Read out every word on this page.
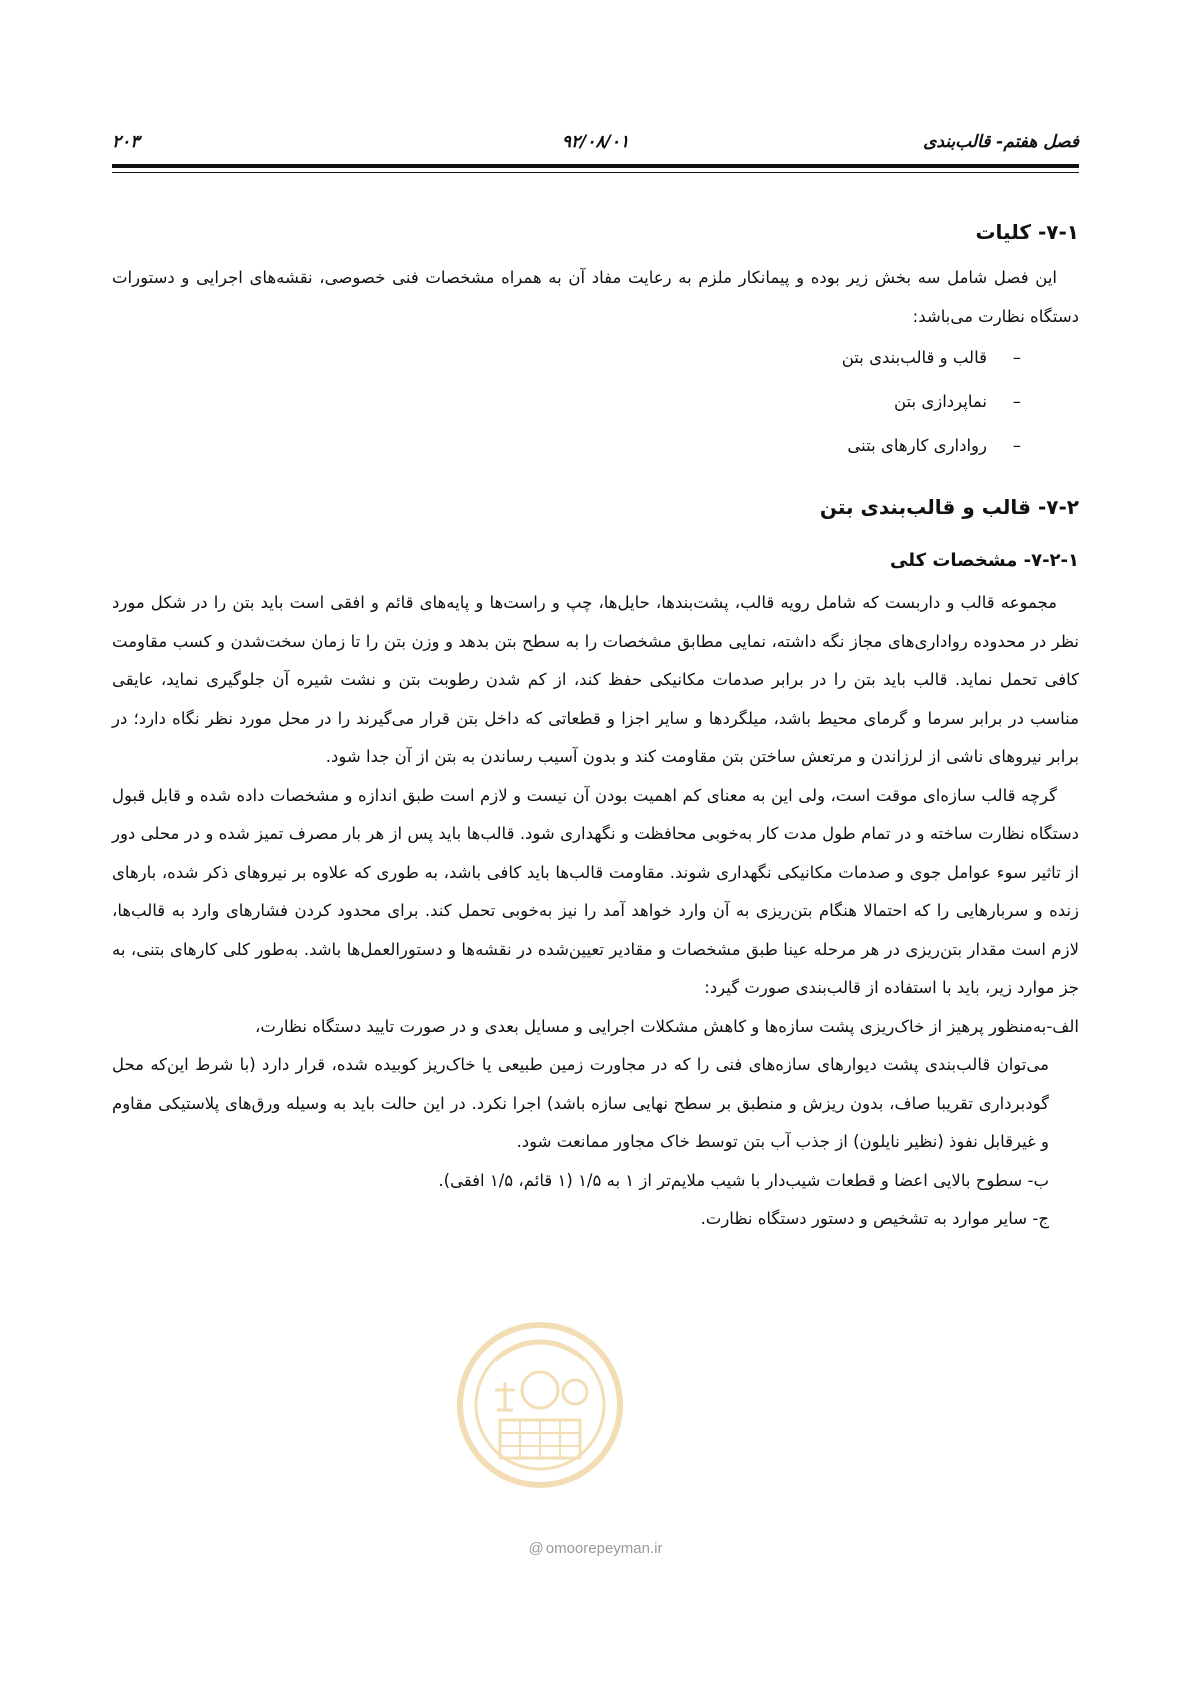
فصل هفتم- قالب‌بندی
۹۲/۰۸/۰۱
۲۰۳
۷-۱- کلیات

این فصل شامل سه بخش زیر بوده و پیمانکار ملزم به رعایت مفاد آن به همراه مشخصات فنی خصوصی، نقشه‌های اجرایی و دستورات دستگاه نظارت می‌باشد:

–قالب و قالب‌بندی بتن
–نماپردازی بتن
–رواداری کارهای بتنی
۷-۲- قالب و قالب‌بندی بتن
۷-۲-۱- مشخصات کلی

مجموعه قالب و داربست که شامل رویه قالب، پشت‌بندها، حایل‌ها، چپ و راست‌ها و پایه‌های قائم و افقی است باید بتن را در شکل مورد نظر در محدوده رواداری‌های مجاز نگه داشته، نمایی مطابق مشخصات را به سطح بتن بدهد و وزن بتن را تا زمان سخت‌شدن و کسب مقاومت کافی تحمل نماید. قالب باید بتن را در برابر صدمات مکانیکی حفظ کند، از کم شدن رطوبت بتن و نشت شیره آن جلوگیری نماید، عایقی مناسب در برابر سرما و گرمای محیط باشد، میلگردها و سایر اجزا و قطعاتی که داخل بتن قرار می‌گیرند را در محل مورد نظر نگاه دارد؛ در برابر نیروهای ناشی از لرزاندن و مرتعش ساختن بتن مقاومت کند و بدون آسیب رساندن به بتن از آن جدا شود.

گرچه قالب سازه‌ای موقت است، ولی این به معنای کم اهمیت بودن آن نیست و لازم است طبق اندازه و مشخصات داده شده و قابل قبول دستگاه نظارت ساخته و در تمام طول مدت کار به‌خوبی محافظت و نگهداری شود. قالب‌ها باید پس از هر بار مصرف تمیز شده و در محلی دور از تاثیر سوء عوامل جوی و صدمات مکانیکی نگهداری شوند. مقاومت قالب‌ها باید کافی باشد، به طوری که علاوه بر نیروهای ذکر شده، بارهای زنده و سربارهایی را که احتمالا هنگام بتن‌ریزی به آن وارد خواهد آمد را نیز به‌خوبی تحمل کند. برای محدود کردن فشارهای وارد به قالب‌ها، لازم است مقدار بتن‌ریزی در هر مرحله عینا طبق مشخصات و مقادیر تعیین‌شده در نقشه‌ها و دستورالعمل‌ها باشد. به‌طور کلی کارهای بتنی، به جز موارد زیر، باید با استفاده از قالب‌بندی صورت گیرد:

الف-به‌منظور پرهیز از خاک‌ریزی پشت سازه‌ها و کاهش مشکلات اجرایی و مسایل بعدی و در صورت تایید دستگاه نظارت،
می‌توان قالب‌بندی پشت دیوارهای سازه‌های فنی را که در مجاورت زمین طبیعی یا خاک‌ریز کوبیده شده، قرار دارد (با شرط این‌که محل گودبرداری تقریبا صاف، بدون ریزش و منطبق بر سطح نهایی سازه باشد) اجرا نکرد. در این حالت باید به وسیله ورق‌های پلاستیکی مقاوم و غیرقابل نفوذ (نظیر نایلون) از جذب آب بتن توسط خاک مجاور ممانعت شود.
ب- سطوح بالایی اعضا و قطعات شیب‌دار با شیب ملایم‌تر از ۱ به ۱/۵ (۱ قائم، ۱/۵ افقی).
ج- سایر موارد به تشخیص و دستور دستگاه نظارت.
@ omoorepeyman.ir
